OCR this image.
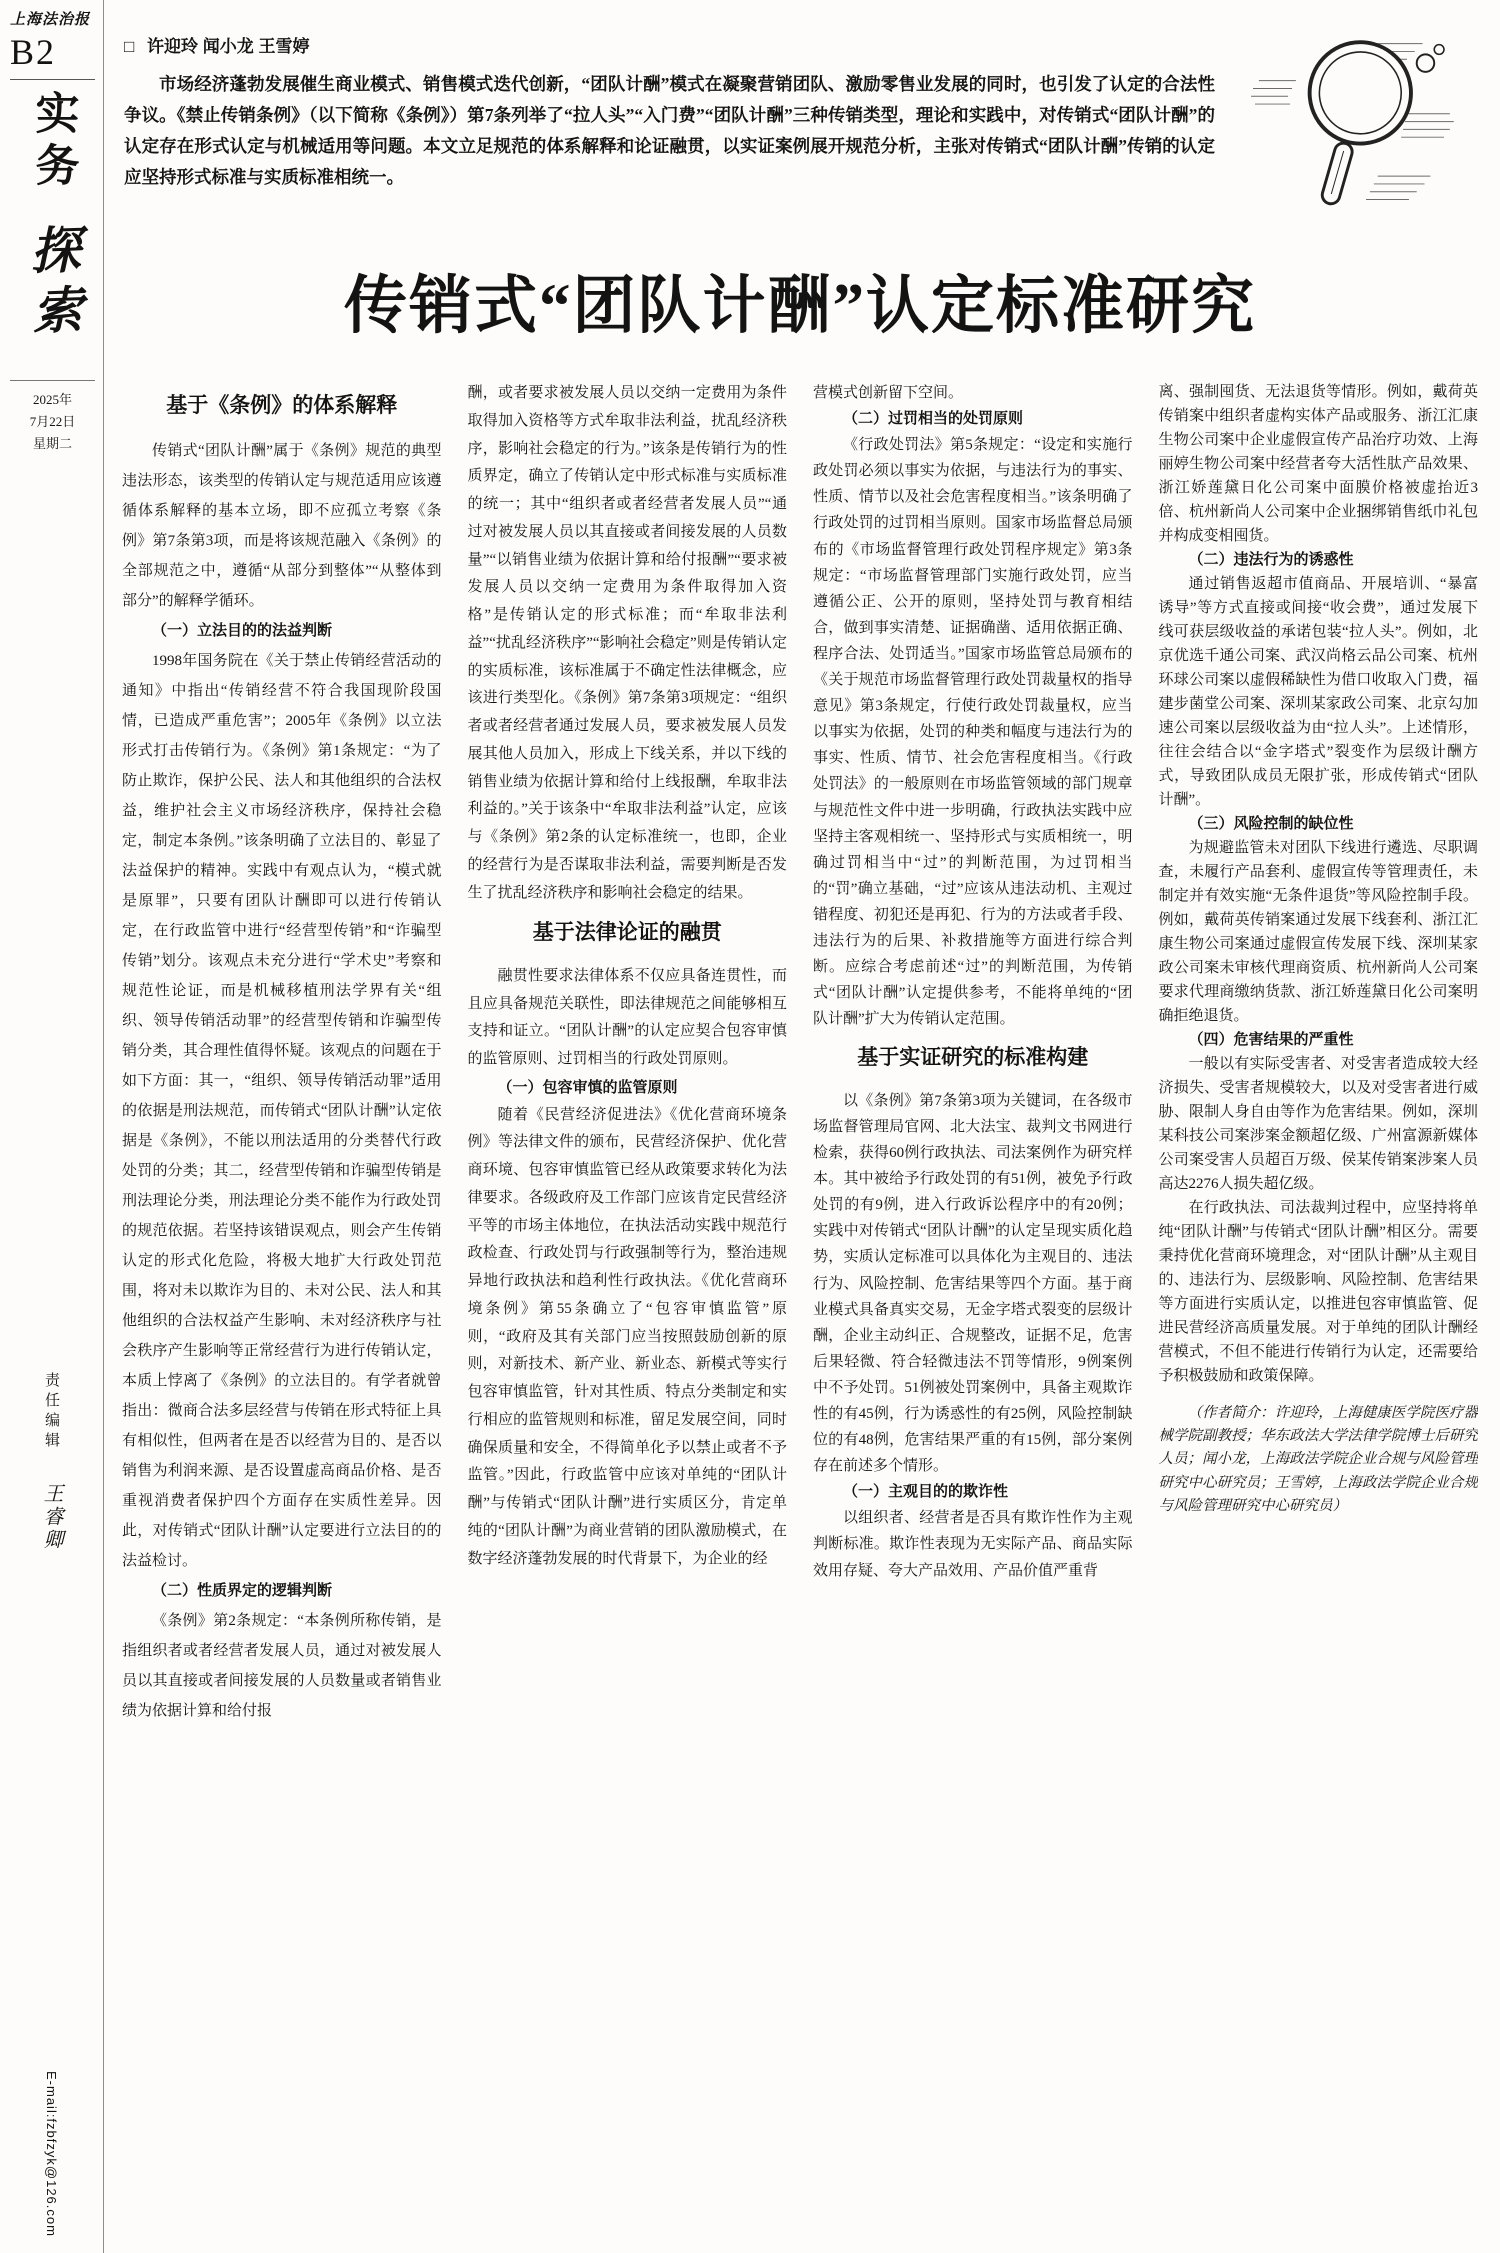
上海法治报
B2
实务
探索
2025年
7月22日
星期二
责任编辑 王睿卿
E-mail:fzbfzyk@126.com

□ 许迎玲 闻小龙 王雪婷

市场经济蓬勃发展催生商业模式、销售模式迭代创新，“团队计酬”模式在凝聚营销团队、激励零售业发展的同时，也引发了认定的合法性争议。《禁止传销条例》（以下简称《条例》）第7条列举了“拉人头”“入门费”“团队计酬”三种传销类型，理论和实践中，对传销式“团队计酬”的认定存在形式认定与机械适用等问题。本文立足规范的体系解释和论证融贯，以实证案例展开规范分析，主张对传销式“团队计酬”传销的认定应坚持形式标准与实质标准相统一。

传销式“团队计酬”认定标准研究
基于《条例》的体系解释

传销式“团队计酬”属于《条例》规范的典型违法形态，该类型的传销认定与规范适用应该遵循体系解释的基本立场，即不应孤立考察《条例》第7条第3项，而是将该规范融入《条例》的全部规范之中，遵循“从部分到整体”“从整体到部分”的解释学循环。

（一）立法目的的法益判断

1998年国务院在《关于禁止传销经营活动的通知》中指出“传销经营不符合我国现阶段国情，已造成严重危害”；2005年《条例》以立法形式打击传销行为。《条例》第1条规定：“为了防止欺诈，保护公民、法人和其他组织的合法权益，维护社会主义市场经济秩序，保持社会稳定，制定本条例。”该条明确了立法目的、彰显了法益保护的精神。实践中有观点认为，“模式就是原罪”，只要有团队计酬即可以进行传销认定，在行政监管中进行“经营型传销”和“诈骗型传销”划分。该观点未充分进行“学术史”考察和规范性论证，而是机械移植刑法学界有关“组织、领导传销活动罪”的经营型传销和诈骗型传销分类，其合理性值得怀疑。该观点的问题在于如下方面：其一，“组织、领导传销活动罪”适用的依据是刑法规范，而传销式“团队计酬”认定依据是《条例》，不能以刑法适用的分类替代行政处罚的分类；其二，经营型传销和诈骗型传销是刑法理论分类，刑法理论分类不能作为行政处罚的规范依据。若坚持该错误观点，则会产生传销认定的形式化危险，将极大地扩大行政处罚范围，将对未以欺诈为目的、未对公民、法人和其他组织的合法权益产生影响、未对经济秩序与社会秩序产生影响等正常经营行为进行传销认定，本质上悖离了《条例》的立法目的。有学者就曾指出：微商合法多层经营与传销在形式特征上具有相似性，但两者在是否以经营为目的、是否以销售为利润来源、是否设置虚高商品价格、是否重视消费者保护四个方面存在实质性差异。因此，对传销式“团队计酬”认定要进行立法目的的法益检讨。

（二）性质界定的逻辑判断

《条例》第2条规定：“本条例所称传销，是指组织者或者经营者发展人员，通过对被发展人员以其直接或者间接发展的人员数量或者销售业绩为依据计算和给付报

酬，或者要求被发展人员以交纳一定费用为条件取得加入资格等方式牟取非法利益，扰乱经济秩序，影响社会稳定的行为。”该条是传销行为的性质界定，确立了传销认定中形式标准与实质标准的统一；其中“组织者或者经营者发展人员”“通过对被发展人员以其直接或者间接发展的人员数量”“以销售业绩为依据计算和给付报酬”“要求被发展人员以交纳一定费用为条件取得加入资格”是传销认定的形式标准；而“牟取非法利益”“扰乱经济秩序”“影响社会稳定”则是传销认定的实质标准，该标准属于不确定性法律概念，应该进行类型化。《条例》第7条第3项规定：“组织者或者经营者通过发展人员，要求被发展人员发展其他人员加入，形成上下线关系，并以下线的销售业绩为依据计算和给付上线报酬，牟取非法利益的。”关于该条中“牟取非法利益”认定，应该与《条例》第2条的认定标准统一，也即，企业的经营行为是否谋取非法利益，需要判断是否发生了扰乱经济秩序和影响社会稳定的结果。

基于法律论证的融贯

融贯性要求法律体系不仅应具备连贯性，而且应具备规范关联性，即法律规范之间能够相互支持和证立。“团队计酬”的认定应契合包容审慎的监管原则、过罚相当的行政处罚原则。

（一）包容审慎的监管原则

随着《民营经济促进法》《优化营商环境条例》等法律文件的颁布，民营经济保护、优化营商环境、包容审慎监管已经从政策要求转化为法律要求。各级政府及工作部门应该肯定民营经济平等的市场主体地位，在执法活动实践中规范行政检查、行政处罚与行政强制等行为，整治违规异地行政执法和趋利性行政执法。《优化营商环境条例》第55条确立了“包容审慎监管”原则，“政府及其有关部门应当按照鼓励创新的原则，对新技术、新产业、新业态、新模式等实行包容审慎监管，针对其性质、特点分类制定和实行相应的监管规则和标准，留足发展空间，同时确保质量和安全，不得简单化予以禁止或者不予监管。”因此，行政监管中应该对单纯的“团队计酬”与传销式“团队计酬”进行实质区分，肯定单纯的“团队计酬”为商业营销的团队激励模式，在数字经济蓬勃发展的时代背景下，为企业的经

营模式创新留下空间。

（二）过罚相当的处罚原则

《行政处罚法》第5条规定：“设定和实施行政处罚必须以事实为依据，与违法行为的事实、性质、情节以及社会危害程度相当。”该条明确了行政处罚的过罚相当原则。国家市场监督总局颁布的《市场监督管理行政处罚程序规定》第3条规定：“市场监督管理部门实施行政处罚，应当遵循公正、公开的原则，坚持处罚与教育相结合，做到事实清楚、证据确凿、适用依据正确、程序合法、处罚适当。”国家市场监管总局颁布的《关于规范市场监督管理行政处罚裁量权的指导意见》第3条规定，行使行政处罚裁量权，应当以事实为依据，处罚的种类和幅度与违法行为的事实、性质、情节、社会危害程度相当。《行政处罚法》的一般原则在市场监管领域的部门规章与规范性文件中进一步明确，行政执法实践中应坚持主客观相统一、坚持形式与实质相统一，明确过罚相当中“过”的判断范围，为过罚相当的“罚”确立基础，“过”应该从违法动机、主观过错程度、初犯还是再犯、行为的方法或者手段、违法行为的后果、补救措施等方面进行综合判断。应综合考虑前述“过”的判断范围，为传销式“团队计酬”认定提供参考，不能将单纯的“团队计酬”扩大为传销认定范围。

基于实证研究的标准构建

以《条例》第7条第3项为关键词，在各级市场监督管理局官网、北大法宝、裁判文书网进行检索，获得60例行政执法、司法案例作为研究样本。其中被给予行政处罚的有51例，被免予行政处罚的有9例，进入行政诉讼程序中的有20例；实践中对传销式“团队计酬”的认定呈现实质化趋势，实质认定标准可以具体化为主观目的、违法行为、风险控制、危害结果等四个方面。基于商业模式具备真实交易，无金字塔式裂变的层级计酬，企业主动纠正、合规整改，证据不足，危害后果轻微、符合轻微违法不罚等情形，9例案例中不予处罚。51例被处罚案例中，具备主观欺诈性的有45例，行为诱惑性的有25例，风险控制缺位的有48例，危害结果严重的有15例，部分案例存在前述多个情形。

（一）主观目的的欺诈性

以组织者、经营者是否具有欺诈性作为主观判断标准。欺诈性表现为无实际产品、商品实际效用存疑、夸大产品效用、产品价值严重背

离、强制囤货、无法退货等情形。例如，戴荷英传销案中组织者虚构实体产品或服务、浙江汇康生物公司案中企业虚假宣传产品治疗功效、上海丽婷生物公司案中经营者夸大活性肽产品效果、浙江娇莲黛日化公司案中面膜价格被虚抬近3倍、杭州新尚人公司案中企业捆绑销售纸巾礼包并构成变相囤货。

（二）违法行为的诱惑性

通过销售返超市值商品、开展培训、“暴富诱导”等方式直接或间接“收会费”，通过发展下线可获层级收益的承诺包装“拉人头”。例如，北京优选千通公司案、武汉尚格云品公司案、杭州环球公司案以虚假稀缺性为借口收取入门费，福建步菌堂公司案、深圳某家政公司案、北京勾加速公司案以层级收益为由“拉人头”。上述情形，往往会结合以“金字塔式”裂变作为层级计酬方式，导致团队成员无限扩张，形成传销式“团队计酬”。

（三）风险控制的缺位性

为规避监管未对团队下线进行遴选、尽职调查，未履行产品套利、虚假宣传等管理责任，未制定并有效实施“无条件退货”等风险控制手段。例如，戴荷英传销案通过发展下线套利、浙江汇康生物公司案通过虚假宣传发展下线、深圳某家政公司案未审核代理商资质、杭州新尚人公司案要求代理商缴纳货款、浙江娇莲黛日化公司案明确拒绝退货。

（四）危害结果的严重性

一般以有实际受害者、对受害者造成较大经济损失、受害者规模较大，以及对受害者进行威胁、限制人身自由等作为危害结果。例如，深圳某科技公司案涉案金额超亿级、广州富源新媒体公司案受害人员超百万级、侯某传销案涉案人员高达2276人损失超亿级。

在行政执法、司法裁判过程中，应坚持将单纯“团队计酬”与传销式“团队计酬”相区分。需要秉持优化营商环境理念，对“团队计酬”从主观目的、违法行为、层级影响、风险控制、危害结果等方面进行实质认定，以推进包容审慎监管、促进民营经济高质量发展。对于单纯的团队计酬经营模式，不但不能进行传销行为认定，还需要给予积极鼓励和政策保障。

（作者简介：许迎玲，上海健康医学院医疗器械学院副教授；华东政法大学法律学院博士后研究人员；闻小龙，上海政法学院企业合规与风险管理研究中心研究员；王雪婷，上海政法学院企业合规与风险管理研究中心研究员）
